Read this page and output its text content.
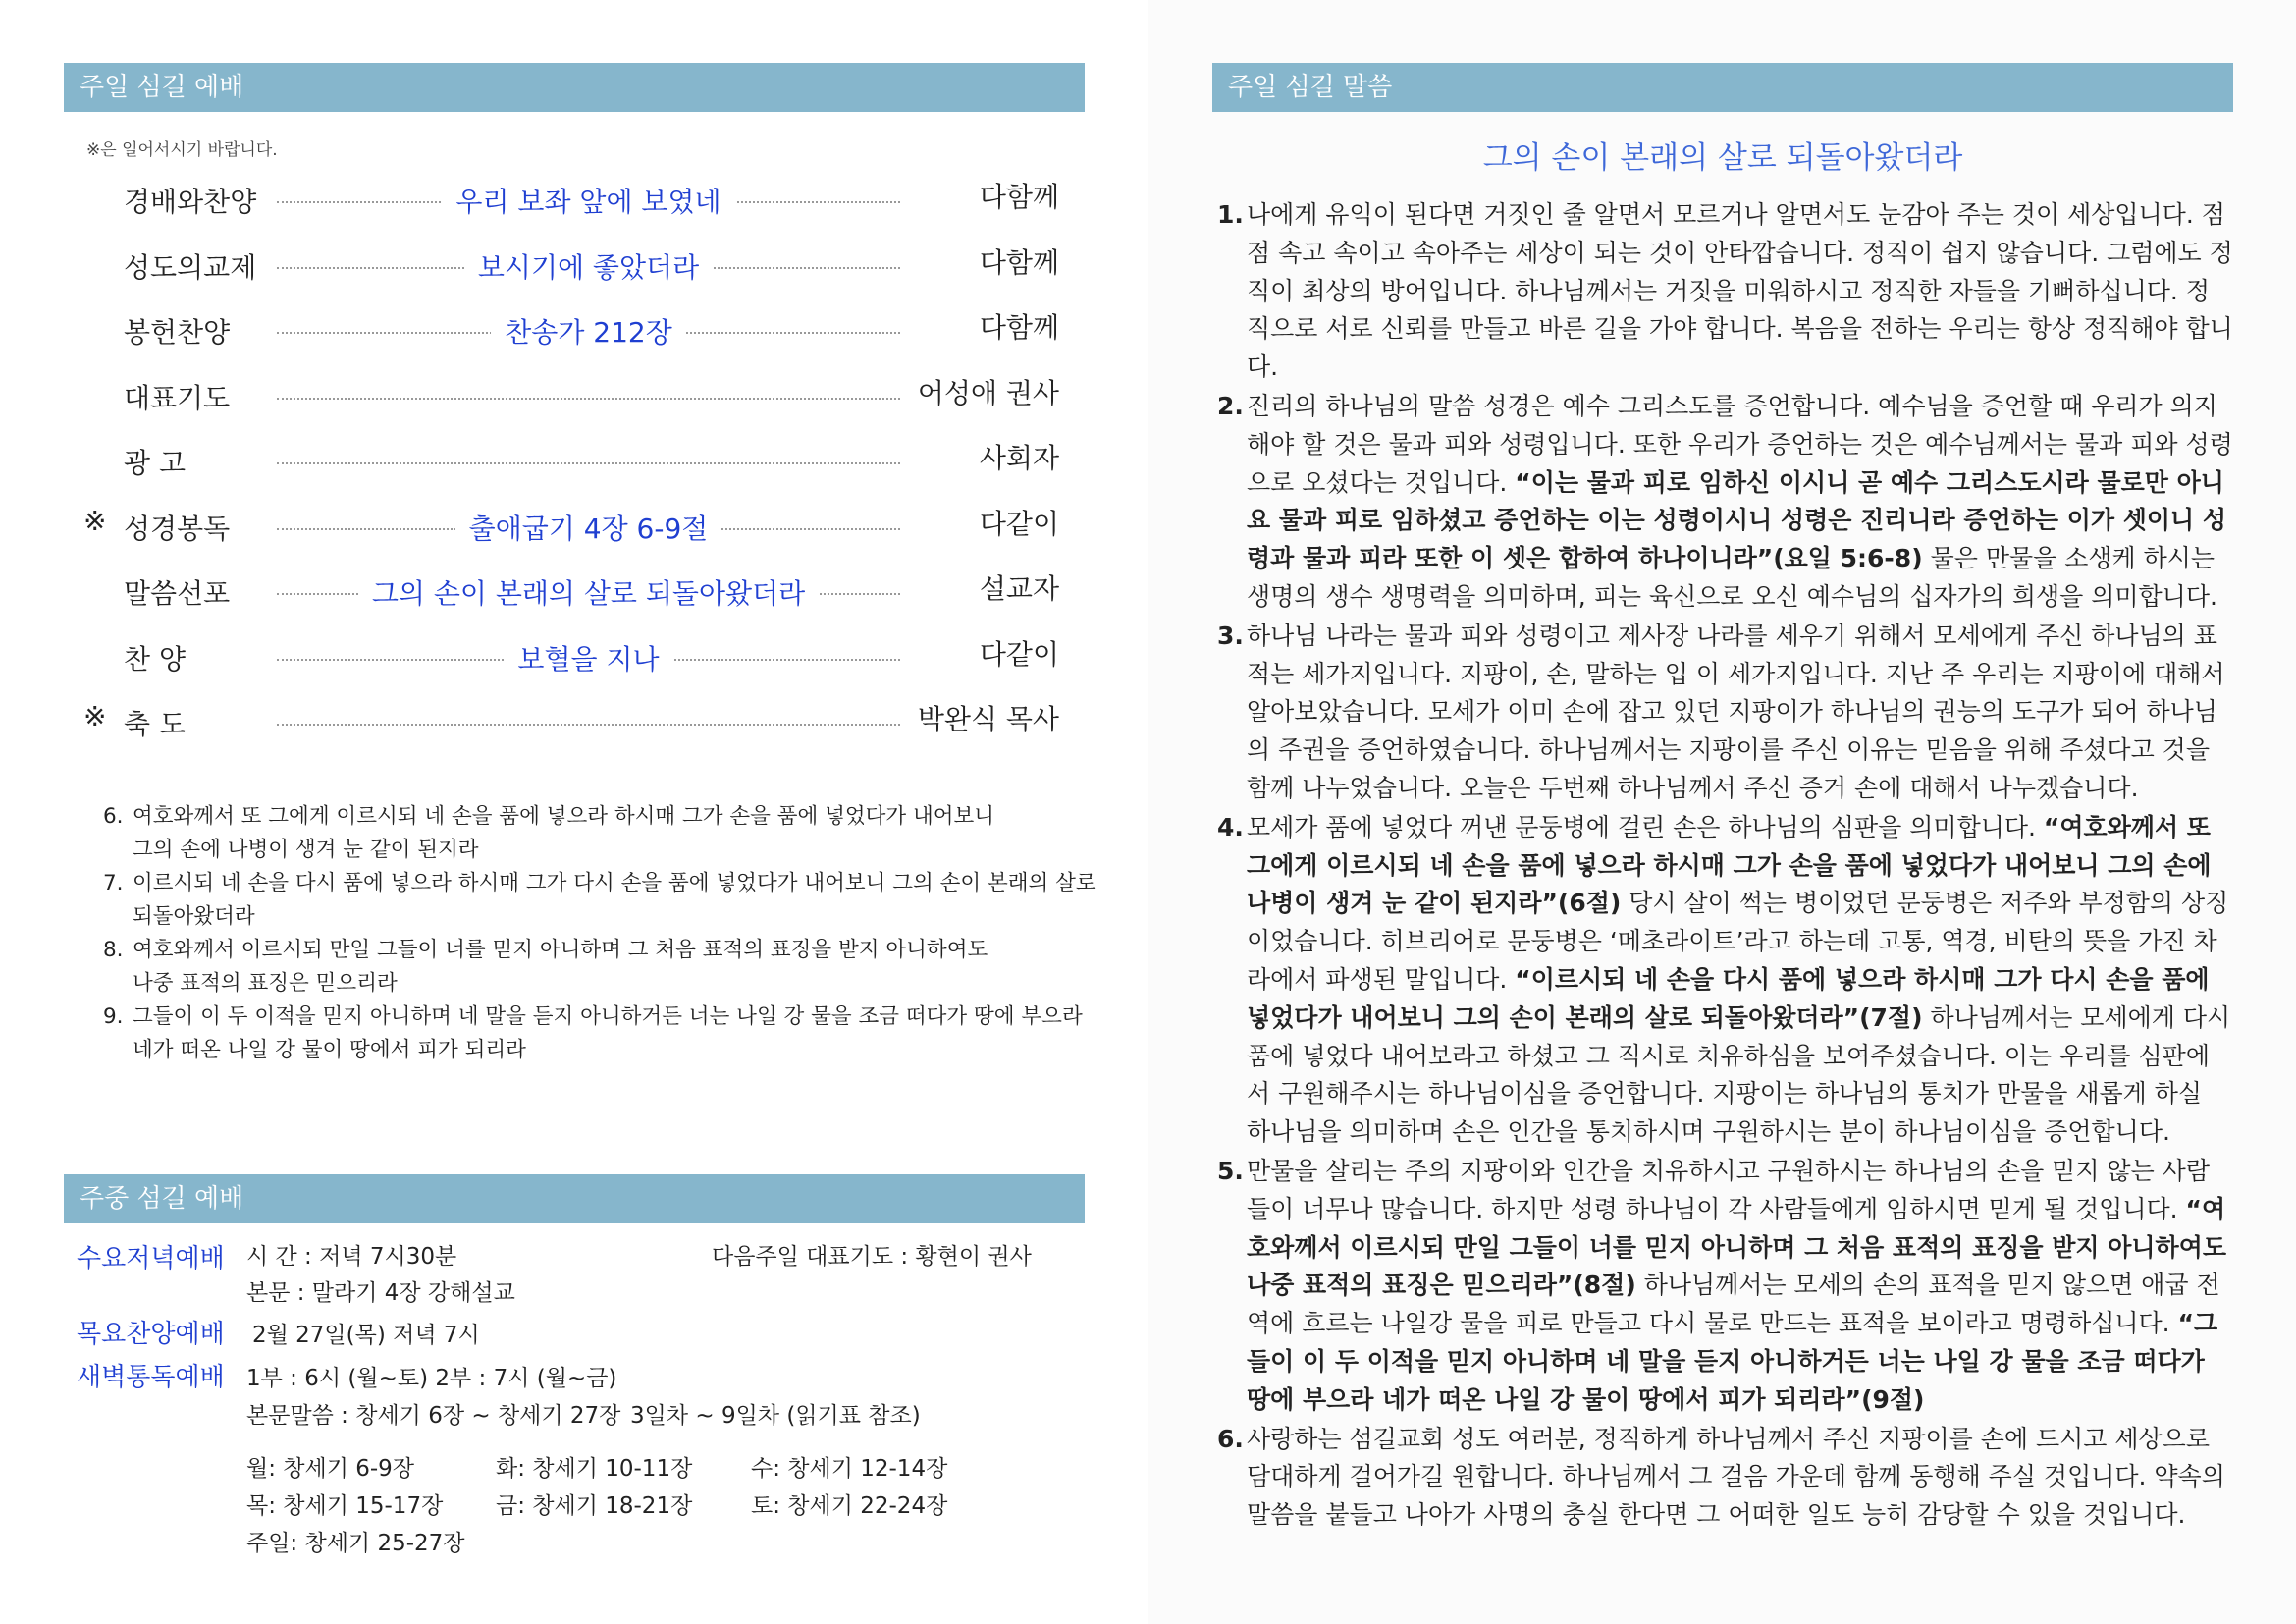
주일 섬길 예배
※은 일어서시기 바랍니다.
경배와찬양	우리 보좌 앞에 보였네	다함께
성도의교제	보시기에 좋았더라	다함께
봉헌찬양	찬송가 212장	다함께
대표기도	어성애 권사
광 고	사회자
※ 성경봉독	출애굽기 4장 6-9절	다같이
말씀선포	그의 손이 본래의 살로 되돌아왔더라	설교자
찬 양	보혈을 지나	다같이
※ 축 도	박완식 목사
6. 여호와께서 또 그에게 이르시되 네 손을 품에 넣으라 하시매 그가 손을 품에 넣었다가 내어보니
그의 손에 나병이 생겨 눈 같이 된지라
7. 이르시되 네 손을 다시 품에 넣으라 하시매 그가 다시 손을 품에 넣었다가 내어보니 그의 손이 본래의 살로
되돌아왔더라
8. 여호와께서 이르시되 만일 그들이 너를 믿지 아니하며 그 처음 표적의 표징을 받지 아니하여도
나중 표적의 표징은 믿으리라
9. 그들이 이 두 이적을 믿지 아니하며 네 말을 듣지 아니하거든 너는 나일 강 물을 조금 떠다가 땅에 부으라
네가 떠온 나일 강 물이 땅에서 피가 되리라
주중 섬길 예배
수요저녁예배 시 간 : 저녁 7시30분	다음주일 대표기도 : 황현이 권사
본문 : 말라기 4장 강해설교
목요찬양예배 2월 27일(목) 저녁 7시
새벽통독예배 1부 : 6시 (월~토) 2부 : 7시 (월~금)
본문말씀 : 창세기 6장 ~ 창세기 27장 3일차 ~ 9일차 (읽기표 참조)
월: 창세기 6-9장	화: 창세기 10-11장	수: 창세기 12-14장
목: 창세기 15-17장 금: 창세기 18-21장	토: 창세기 22-24장
주일: 창세기 25-27장
주일 섬길 말씀
그의 손이 본래의 살로 되돌아왔더라
1. 나에게 유익이 된다면 거짓인 줄 알면서 모르거나 알면서도 눈감아 주는 것이 세상입니다. 점점 속고 속이고 속아주는 세상이 되는 것이 안타깝습니다. 정직이 쉽지 않습니다. 그럼에도 정직이 최상의 방어입니다. 하나님께서는 거짓을 미워하시고 정직한 자들을 기뻐하십니다. 정직으로 서로 신뢰를 만들고 바른 길을 가야 합니다. 복음을 전하는 우리는 항상 정직해야 합니다.
2. 진리의 하나님의 말씀 성경은 예수 그리스도를 증언합니다. 예수님을 증언할 때 우리가 의지해야 할 것은 물과 피와 성령입니다. 또한 우리가 증언하는 것은 예수님께서는 물과 피와 성령으로 오셨다는 것입니다. “이는 물과 피로 임하신 이시니 곧 예수 그리스도시라 물로만 아니요 물과 피로 임하셨고 증언하는 이는 성령이시니 성령은 진리니라 증언하는 이가 셋이니 성령과 물과 피라 또한 이 셋은 합하여 하나이니라”(요일 5:6-8) 물은 만물을 소생케 하시는 생명의 생수 생명력을 의미하며, 피는 육신으로 오신 예수님의 십자가의 희생을 의미합니다.
3. 하나님 나라는 물과 피와 성령이고 제사장 나라를 세우기 위해서 모세에게 주신 하나님의 표적는 세가지입니다. 지팡이, 손, 말하는 입 이 세가지입니다. 지난 주 우리는 지팡이에 대해서 알아보았습니다. 모세가 이미 손에 잡고 있던 지팡이가 하나님의 권능의 도구가 되어 하나님의 주권을 증언하였습니다. 하나님께서는 지팡이를 주신 이유는 믿음을 위해 주셨다고 것을 함께 나누었습니다. 오늘은 두번째 하나님께서 주신 증거 손에 대해서 나누겠습니다.
4. 모세가 품에 넣었다 꺼낸 문둥병에 걸린 손은 하나님의 심판을 의미합니다. “여호와께서 또 그에게 이르시되 네 손을 품에 넣으라 하시매 그가 손을 품에 넣었다가 내어보니 그의 손에 나병이 생겨 눈 같이 된지라”(6절) 당시 살이 썩는 병이었던 문둥병은 저주와 부정함의 상징이었습니다. 히브리어로 문둥병은 ‘메초라이트’라고 하는데 고통, 역경, 비탄의 뜻을 가진 차라에서 파생된 말입니다. “이르시되 네 손을 다시 품에 넣으라 하시매 그가 다시 손을 품에 넣었다가 내어보니 그의 손이 본래의 살로 되돌아왔더라”(7절) 하나님께서는 모세에게 다시 품에 넣었다 내어보라고 하셨고 그 직시로 치유하심을 보여주셨습니다. 이는 우리를 심판에서 구원해주시는 하나님이심을 증언합니다. 지팡이는 하나님의 통치가 만물을 새롭게 하실 하나님을 의미하며 손은 인간을 통치하시며 구원하시는 분이 하나님이심을 증언합니다.
5. 만물을 살리는 주의 지팡이와 인간을 치유하시고 구원하시는 하나님의 손을 믿지 않는 사람들이 너무나 많습니다. 하지만 성령 하나님이 각 사람들에게 임하시면 믿게 될 것입니다. “여호와께서 이르시되 만일 그들이 너를 믿지 아니하며 그 처음 표적의 표징을 받지 아니하여도 나중 표적의 표징은 믿으리라”(8절) 하나님께서는 모세의 손의 표적을 믿지 않으면 애굽 전역에 흐르는 나일강 물을 피로 만들고 다시 물로 만드는 표적을 보이라고 명령하십니다. “그들이 이 두 이적을 믿지 아니하며 네 말을 듣지 아니하거든 너는 나일 강 물을 조금 떠다가 땅에 부으라 네가 떠온 나일 강 물이 땅에서 피가 되리라”(9절)
6. 사랑하는 섬길교회 성도 여러분, 정직하게 하나님께서 주신 지팡이를 손에 드시고 세상으로 담대하게 걸어가길 원합니다. 하나님께서 그 걸음 가운데 함께 동행해 주실 것입니다. 약속의 말씀을 붙들고 나아가 사명의 충실 한다면 그 어떠한 일도 능히 감당할 수 있을 것입니다.
